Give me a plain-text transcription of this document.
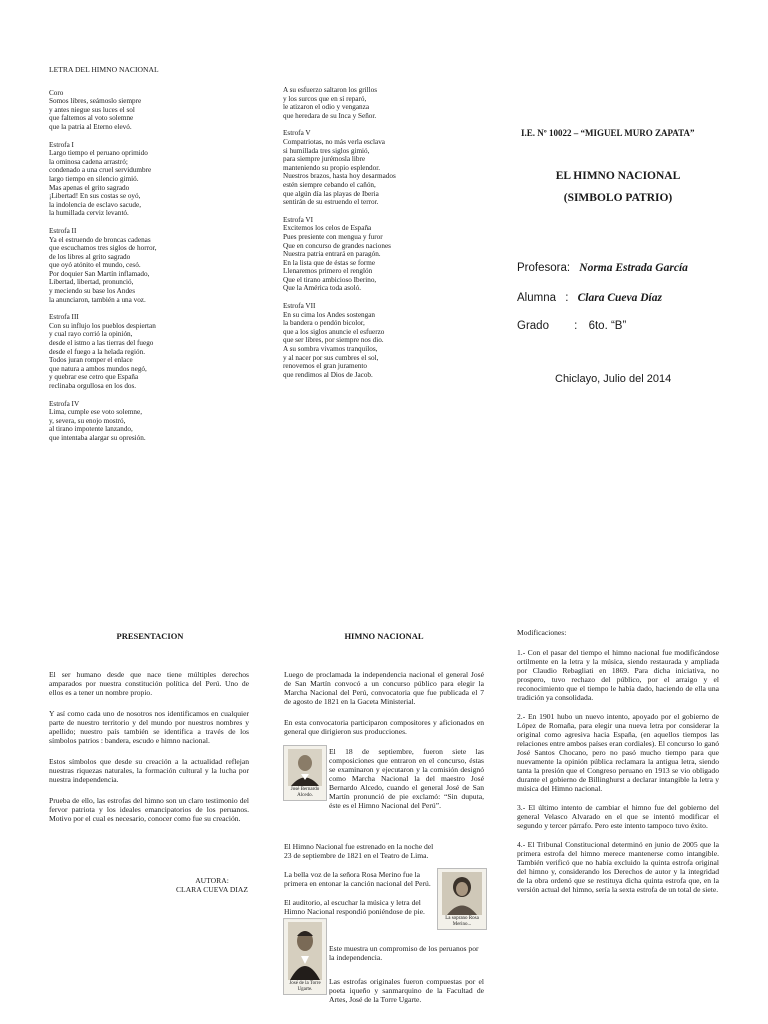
LETRA DEL HIMNO NACIONAL

Coro

Somos libres, seámoslo siempre

y antes niegue sus luces el sol

que faltemos al voto solemne

que la patria al Eterno elevó.

Estrofa I

Largo tiempo el peruano oprimido

la ominosa cadena arrastró;

condenado a una cruel servidumbre

largo tiempo en silencio gimió.

Mas apenas el grito sagrado

¡Libertad! En sus costas se oyó,

la indolencia de esclavo sacude,

la humillada cerviz levantó.

Estrofa II

Ya el estruendo de broncas cadenas

que escuchamos tres siglos de horror,

de los libres al grito sagrado

que oyó atónito el mundo, cesó.

Por doquier San Martín inflamado,

Libertad, libertad, pronunció,

y meciendo su base los Andes

la anunciaron, también a una voz.

Estrofa III

Con su influjo los pueblos despiertan

y cual rayo corrió la opinión,

desde el istmo a las tierras del fuego

desde el fuego a la helada región.

Todos juran romper el enlace

que natura a ambos mundos negó,

y quebrar ese cetro que España

reclinaba orgullosa en los dos.

Estrofa IV

Lima, cumple ese voto solemne,

y, severa, su enojo mostró,

al tirano impotente lanzando,

que intentaba alargar su opresión.

A su esfuerzo saltaron los grillos

y los surcos que en sí reparó,

le atizaron el odio y venganza

que heredara de su Inca y Señor.

Estrofa V

Compatriotas, no más verla esclava

si humillada tres siglos gimió,

para siempre jurémosla libre

manteniendo su propio esplendor.

Nuestros brazos, hasta hoy desarmados

estén siempre cebando el cañón,

que algún día las playas de Iberia

sentirán de su estruendo el terror.

Estrofa VI

Excitemos los celos de España

Pues presiente con mengua y furor

Que en concurso de grandes naciones

Nuestra patria entrará en paragón.

En la lista que de éstas se forme

Llenaremos primero el renglón

Que el tirano ambicioso Iberino,

Que la América toda asoló.

Estrofa VII

En su cima los Andes sostengan

la bandera o pendón bicolor,

que a los siglos anuncie el esfuerzo

que ser libres, por siempre nos dio.

A su sombra vivamos tranquilos,

y al nacer por sus cumbres el sol,

renovemos el gran juramento

que rendimos al Dios de Jacob.

I.E. Nº 10022 – “MIGUEL MURO ZAPATA”
EL HIMNO NACIONAL
(SIMBOLO PATRIO)
Profesora: Norma Estrada García
Alumna : Clara Cueva Díaz
Grado : 6to. “B”
Chiclayo, Julio del 2014
PRESENTACION

El ser humano desde que nace tiene múltiples derechos amparados por nuestra constitución política del Perú. Uno de ellos es a tener un nombre propio.

Y así como cada uno de nosotros nos identificamos en cualquier parte de nuestro territorio y del mundo por nuestros nombres y apellido; nuestro país también se identifica a través de los símbolos patrios : bandera, escudo e himno nacional.

Estos símbolos que desde su creación a la actualidad reflejan nuestras riquezas naturales, la formación cultural y la lucha por nuestra independencia.

Prueba de ello, las estrofas del himno son un claro testimonio del fervor patriota y los ideales emancipatorios de los peruanos. Motivo por el cual es necesario, conocer como fue su creación.

AUTORA:
CLARA CUEVA DIAZ
HIMNO NACIONAL
Luego de proclamada la independencia nacional el general José de San Martín convocó a un concurso público para elegir la Marcha Nacional del Perú, convocatoria que fue publicada el 7 de agosto de 1821 en la Gaceta Ministerial.
En esta convocatoria participaron compositores y aficionados en general que dirigieron sus producciones.
José Bernardo Alcedo.
El 18 de septiembre, fueron siete las composiciones que entraron en el concurso, éstas se examinaron y ejecutaron y la comisión designó como Marcha Nacional la del maestro José Bernardo Alcedo, cuando el general José de San Martín pronunció de pie exclamó: “Sin duputa, éste es el Himno Nacional del Perú”.
El Himno Nacional fue estrenado en la noche del 23 de septiembre de 1821 en el Teatro de Lima.
La bella voz de la señora Rosa Merino fue la primera en entonar la canción nacional del Perú.
El auditorio, al escuchar la música y letra del Himno Nacional respondió poniéndose de pie.
La soprano Rosa Merino...
José de la Torre Ugarte.
Este muestra un compromiso de los peruanos por la independencia.
Las estrofas originales fueron compuestas por el poeta iqueño y sanmarquino de la Facultad de Artes, José de la Torre Ugarte.
Modificaciones:

1.- Con el pasar del tiempo el himno nacional fue modificándose ortilmente en la letra y la música, siendo restaurada y ampliada por Claudio Rebagliati en 1869. Para dicha iniciativa, no prospero, tuvo rechazo del público, por el arraigo y el reconocimiento que el tiempo le había dado, haciendo de ella una tradición ya consolidada.

2.- En 1901 hubo un nuevo intento, apoyado por el gobierno de López de Romaña, para elegir una nueva letra por considerar la original como agresiva hacia España, (en aquellos tiempos las relaciones entre ambos países eran cordiales). El concurso lo ganó José Santos Chocano, pero no pasó mucho tiempo para que nuevamente la opinión pública reclamara la antigua letra, siendo tanta la presión que el Congreso peruano en 1913 se vio obligado durante el gobierno de Billinghurst a declarar intangible la letra y música del Himno nacional.

3.- El último intento de cambiar el himno fue del gobierno del general Velasco Alvarado en el que se intentó modificar el segundo y tercer párrafo. Pero este intento tampoco tuvo éxito.

4.- El Tribunal Constitucional determinó en junio de 2005 que la primera estrofa del himno merece mantenerse como intangible. También verificó que no había excluido la quinta estrofa original del himno y, considerando los Derechos de autor y la integridad de la obra ordenó que se restituya dicha quinta estrofa que, en la versión actual del himno, sería la sexta estrofa de un total de siete.
